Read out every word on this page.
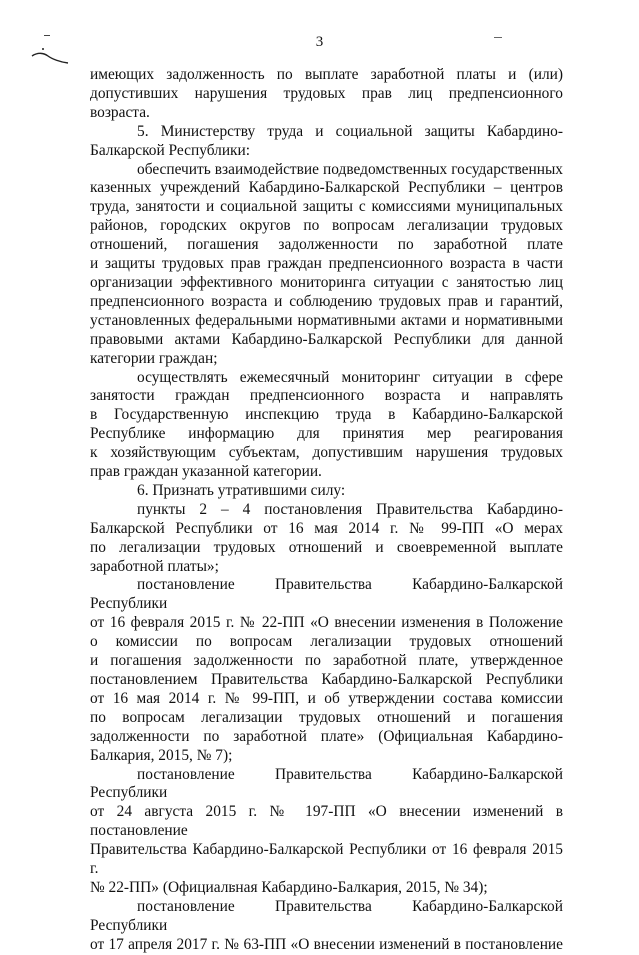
3

имеющих задолженность по выплате заработной платы и (или)

допустивших нарушения трудовых прав лиц предпенсионного возраста.

5. Министерству труда и социальной защиты Кабардино-

Балкарской Республики:

обеспечить взаимодействие подведомственных государственных

казенных учреждений Кабардино-Балкарской Республики – центров

труда, занятости и социальной защиты с комиссиями муниципальных

районов, городских округов по вопросам легализации трудовых

отношений, погашения задолженности по заработной плате

и защиты трудовых прав граждан предпенсионного возраста в части

организации эффективного мониторинга ситуации с занятостью лиц

предпенсионного возраста и соблюдению трудовых прав и гарантий,

установленных федеральными нормативными актами и нормативными

правовыми актами Кабардино-Балкарской Республики для данной

категории граждан;

осуществлять ежемесячный мониторинг ситуации в сфере

занятости граждан предпенсионного возраста и направлять

в Государственную инспекцию труда в Кабардино-Балкарской

Республике информацию для принятия мер реагирования

к хозяйствующим субъектам, допустившим нарушения трудовых

прав граждан указанной категории.

6. Признать утратившими силу:

пункты 2 – 4 постановления Правительства Кабардино-

Балкарской Республики от 16 мая 2014 г. № 99-ПП «О мерах

по легализации трудовых отношений и своевременной выплате

заработной платы»;

постановление Правительства Кабардино-Балкарской Республики

от 16 февраля 2015 г. № 22-ПП «О внесении изменения в Положение

о комиссии по вопросам легализации трудовых отношений

и погашения задолженности по заработной плате, утвержденное

постановлением Правительства Кабардино-Балкарской Республики

от 16 мая 2014 г. № 99-ПП, и об утверждении состава комиссии

по вопросам легализации трудовых отношений и погашения

задолженности по заработной плате» (Официальная Кабардино-

Балкария, 2015, № 7);

постановление Правительства Кабардино-Балкарской Республики

от 24 августа 2015 г. № 197-ПП «О внесении изменений в постановление

Правительства Кабардино-Балкарской Республики от 16 февраля 2015 г.

№ 22-ПП» (Официальная Кабардино-Балкария, 2015, № 34);

постановление Правительства Кабардино-Балкарской Республики

от 17 апреля 2017 г. № 63-ПП «О внесении изменений в постановление
